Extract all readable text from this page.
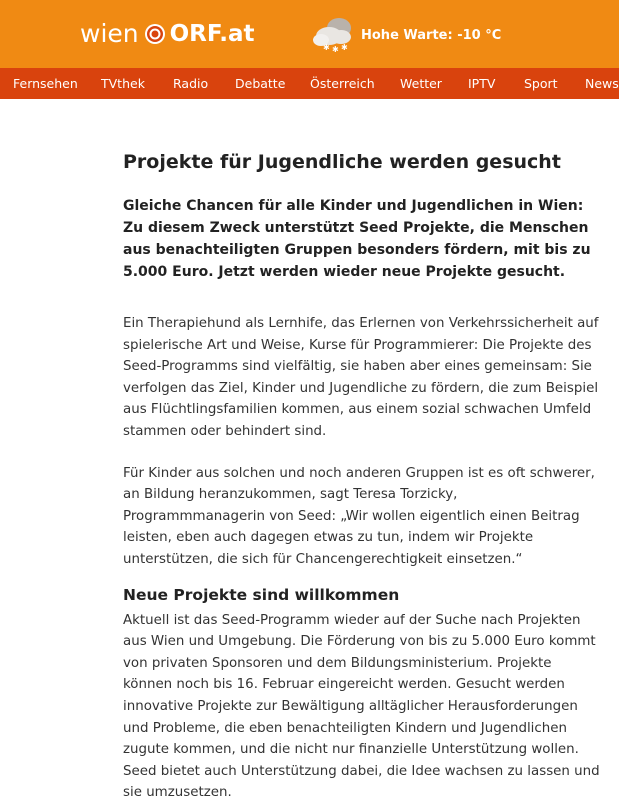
wien ORF.at
✱ ✱ ✱
Hohe Warte: -10 °C
Fernsehen TVthek Radio Debatte Österreich Wetter IPTV Sport News
Projekte für Jugendliche werden gesucht

Gleiche Chancen für alle Kinder und Jugendlichen in Wien: Zu diesem Zweck unterstützt Seed Projekte, die Menschen aus benachteiligten Gruppen besonders fördern, mit bis zu 5.000 Euro. Jetzt werden wieder neue Projekte gesucht.

Ein Therapiehund als Lernhife, das Erlernen von Verkehrssicherheit auf spielerische Art und Weise, Kurse für Programmierer: Die Projekte des Seed-Programms sind vielfältig, sie haben aber eines gemeinsam: Sie verfolgen das Ziel, Kinder und Jugendliche zu fördern, die zum Beispiel aus Flüchtlingsfamilien kommen, aus einem sozial schwachen Umfeld stammen oder behindert sind.

Für Kinder aus solchen und noch anderen Gruppen ist es oft schwerer, an Bildung heranzukommen, sagt Teresa Torzicky, Programmmanagerin von Seed: „Wir wollen eigentlich einen Beitrag leisten, eben auch dagegen etwas zu tun, indem wir Projekte unterstützen, die sich für Chancengerechtigkeit einsetzen.“

Neue Projekte sind willkommen

Aktuell ist das Seed-Programm wieder auf der Suche nach Projekten aus Wien und Umgebung. Die Förderung von bis zu 5.000 Euro kommt von privaten Sponsoren und dem Bildungsministerium. Projekte können noch bis 16. Februar eingereicht werden. Gesucht werden innovative Projekte zur Bewältigung alltäglicher Herausforderungen und Probleme, die eben benachteiligten Kindern und Jugendlichen zugute kommen, und die nicht nur finanzielle Unterstützung wollen. Seed bietet auch Unterstützung dabei, die Idee wachsen zu lassen und sie umzusetzen.
